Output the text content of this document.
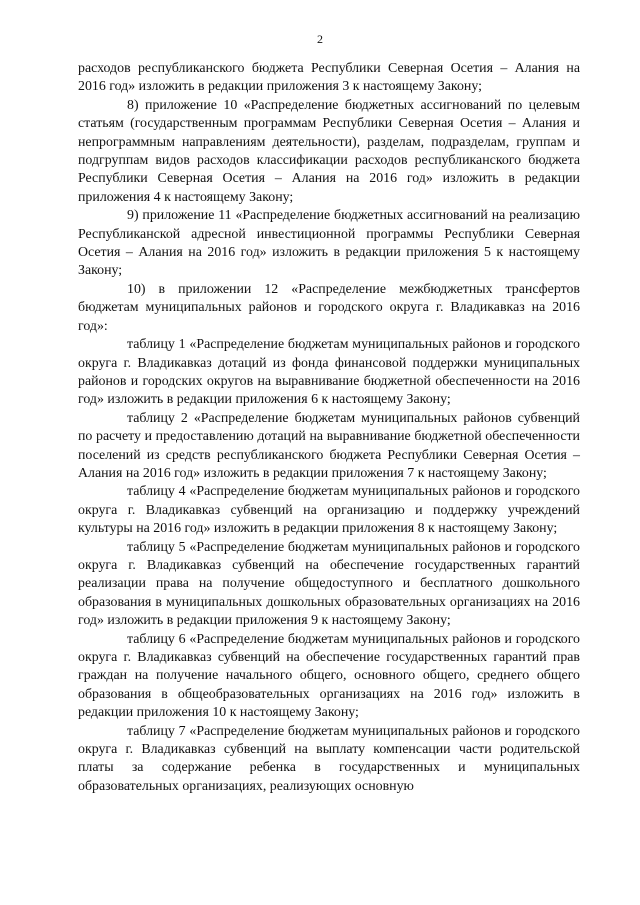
2

расходов республиканского бюджета Республики Северная Осетия – Алания на 2016 год» изложить в редакции приложения 3 к настоящему Закону;

8) приложение 10 «Распределение бюджетных ассигнований по целевым статьям (государственным программам Республики Северная Осетия – Алания и непрограммным направлениям деятельности), разделам, подразделам, группам и подгруппам видов расходов классификации расходов республиканского бюджета Республики Северная Осетия – Алания на 2016 год» изложить в редакции приложения 4 к настоящему Закону;

9) приложение 11 «Распределение бюджетных ассигнований на реализацию Республиканской адресной инвестиционной программы Республики Северная Осетия – Алания на 2016 год» изложить в редакции приложения 5 к настоящему Закону;

10) в приложении 12 «Распределение межбюджетных трансфертов бюджетам муниципальных районов и городского округа г. Владикавказ на 2016 год»:

таблицу 1 «Распределение бюджетам муниципальных районов и городского округа г. Владикавказ дотаций из фонда финансовой поддержки муниципальных районов и городских округов на выравнивание бюджетной обеспеченности на 2016 год» изложить в редакции приложения 6 к настоящему Закону;

таблицу 2 «Распределение бюджетам муниципальных районов субвенций по расчету и предоставлению дотаций на выравнивание бюджетной обеспеченности поселений из средств республиканского бюджета Республики Северная Осетия – Алания на 2016 год» изложить в редакции приложения 7 к настоящему Закону;

таблицу 4 «Распределение бюджетам муниципальных районов и городского округа г. Владикавказ субвенций на организацию и поддержку учреждений культуры на 2016 год» изложить в редакции приложения 8 к настоящему Закону;

таблицу 5 «Распределение бюджетам муниципальных районов и городского округа г. Владикавказ субвенций на обеспечение государственных гарантий реализации права на получение общедоступного и бесплатного дошкольного образования в муниципальных дошкольных образовательных организациях на 2016 год» изложить в редакции приложения 9 к настоящему Закону;

таблицу 6 «Распределение бюджетам муниципальных районов и городского округа г. Владикавказ субвенций на обеспечение государственных гарантий прав граждан на получение начального общего, основного общего, среднего общего образования в общеобразовательных организациях на 2016 год» изложить в редакции приложения 10 к настоящему Закону;

таблицу 7 «Распределение бюджетам муниципальных районов и городского округа г. Владикавказ субвенций на выплату компенсации части родительской платы за содержание ребенка в государственных и муниципальных образовательных организациях, реализующих основную
